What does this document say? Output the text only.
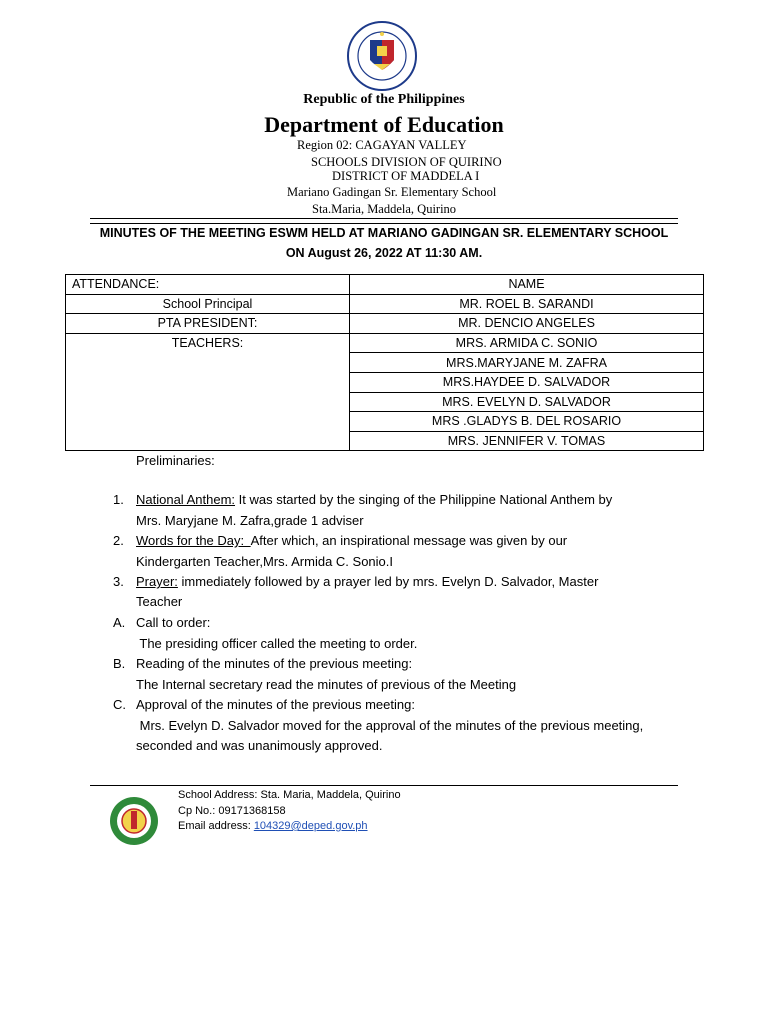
Republic of the Philippines
Department of Education
Region 02: CAGAYAN VALLEY
SCHOOLS DIVISION OF QUIRINO
DISTRICT OF MADDELA I
Mariano Gadingan Sr. Elementary School
Sta.Maria, Maddela, Quirino
MINUTES OF THE MEETING ESWM HELD AT MARIANO GADINGAN SR. ELEMENTARY SCHOOL
ON August 26, 2022 AT 11:30 AM.
ATTENDANCE:	NAME
School Principal	MR. ROEL B. SARANDI
PTA PRESIDENT:	MR. DENCIO ANGELES
TEACHERS:	MRS. ARMIDA C. SONIO
	MRS.MARYJANE M. ZAFRA
	MRS.HAYDEE D. SALVADOR
	MRS. EVELYN D. SALVADOR
	MRS .GLADYS B. DEL ROSARIO
	MRS. JENNIFER V. TOMAS
Preliminaries:
1. National Anthem: It was started by the singing of the Philippine National Anthem by
Mrs. Maryjane M. Zafra,grade 1 adviser
2. Words for the Day:  After which, an inspirational message was given by our
Kindergarten Teacher,Mrs. Armida C. Sonio.I
3. Prayer: immediately followed by a prayer led by mrs. Evelyn D. Salvador, Master
Teacher
A. Call to order:
The presiding officer called the meeting to order.
B. Reading of the minutes of the previous meeting:
The Internal secretary read the minutes of previous of the Meeting
C. Approval of the minutes of the previous meeting:
Mrs. Evelyn D. Salvador moved for the approval of the minutes of the previous meeting,
seconded and was unanimously approved.
School Address: Sta. Maria, Maddela, Quirino
Cp No.: 09171368158
Email address: 104329@deped.gov.ph
